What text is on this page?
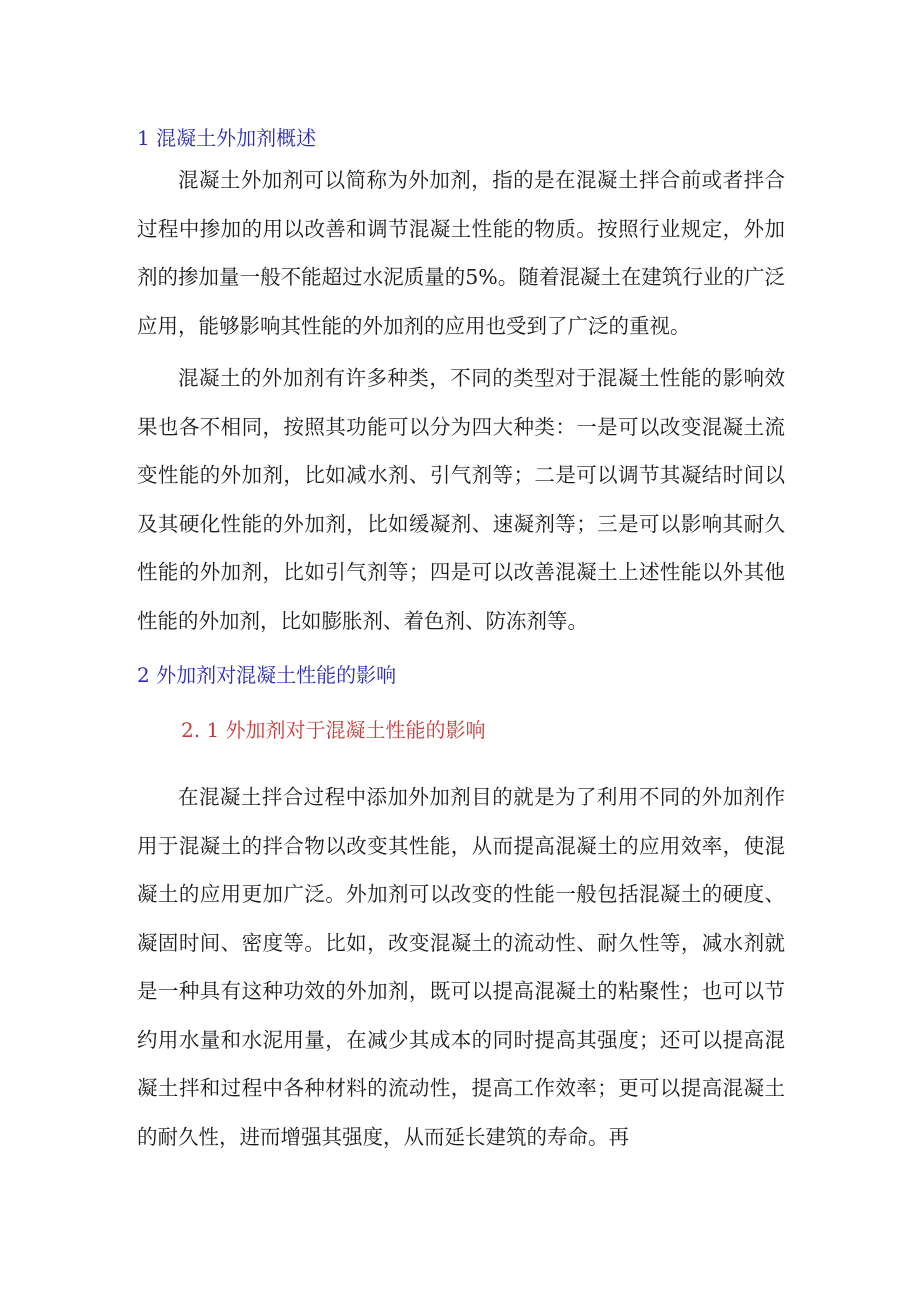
1 混凝土外加剂概述

混凝土外加剂可以简称为外加剂，指的是在混凝土拌合前或者拌合过程中掺加的用以改善和调节混凝土性能的物质。按照行业规定，外加剂的掺加量一般不能超过水泥质量的5%。随着混凝土在建筑行业的广泛应用，能够影响其性能的外加剂的应用也受到了广泛的重视。

混凝土的外加剂有许多种类，不同的类型对于混凝土性能的影响效果也各不相同，按照其功能可以分为四大种类：一是可以改变混凝土流变性能的外加剂，比如减水剂、引气剂等；二是可以调节其凝结时间以及其硬化性能的外加剂，比如缓凝剂、速凝剂等；三是可以影响其耐久性能的外加剂，比如引气剂等；四是可以改善混凝土上述性能以外其他性能的外加剂，比如膨胀剂、着色剂、防冻剂等。

2 外加剂对混凝土性能的影响
2. 1 外加剂对于混凝土性能的影响

在混凝土拌合过程中添加外加剂目的就是为了利用不同的外加剂作用于混凝土的拌合物以改变其性能，从而提高混凝土的应用效率，使混凝土的应用更加广泛。外加剂可以改变的性能一般包括混凝土的硬度、凝固时间、密度等。比如，改变混凝土的流动性、耐久性等，减水剂就是一种具有这种功效的外加剂，既可以提高混凝土的粘聚性；也可以节约用水量和水泥用量，在减少其成本的同时提高其强度；还可以提高混凝土拌和过程中各种材料的流动性，提高工作效率；更可以提高混凝土的耐久性，进而增强其强度，从而延长建筑的寿命。再
